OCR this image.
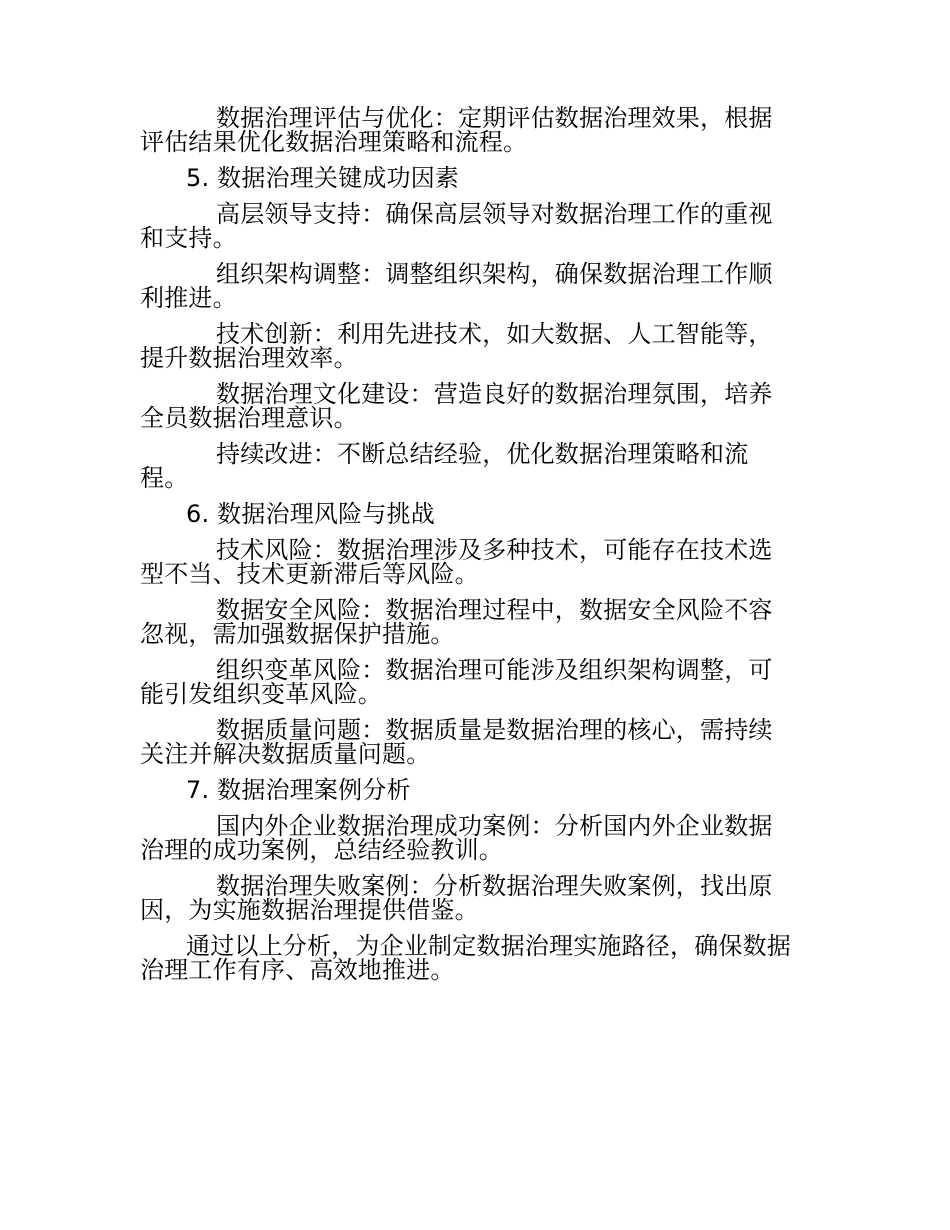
数据治理评估与优化：定期评估数据治理效果，根据评估结果优化数据治理策略和流程。

5. 数据治理关键成功因素

高层领导支持：确保高层领导对数据治理工作的重视和支持。

组织架构调整：调整组织架构，确保数据治理工作顺利推进。

技术创新：利用先进技术，如大数据、人工智能等，提升数据治理效率。

数据治理文化建设：营造良好的数据治理氛围，培养全员数据治理意识。

持续改进：不断总结经验，优化数据治理策略和流程。

6. 数据治理风险与挑战

技术风险：数据治理涉及多种技术，可能存在技术选型不当、技术更新滞后等风险。

数据安全风险：数据治理过程中，数据安全风险不容忽视，需加强数据保护措施。

组织变革风险：数据治理可能涉及组织架构调整，可能引发组织变革风险。

数据质量问题：数据质量是数据治理的核心，需持续关注并解决数据质量问题。

7. 数据治理案例分析

国内外企业数据治理成功案例：分析国内外企业数据治理的成功案例，总结经验教训。

数据治理失败案例：分析数据治理失败案例，找出原因，为实施数据治理提供借鉴。

通过以上分析，为企业制定数据治理实施路径，确保数据治理工作有序、高效地推进。
